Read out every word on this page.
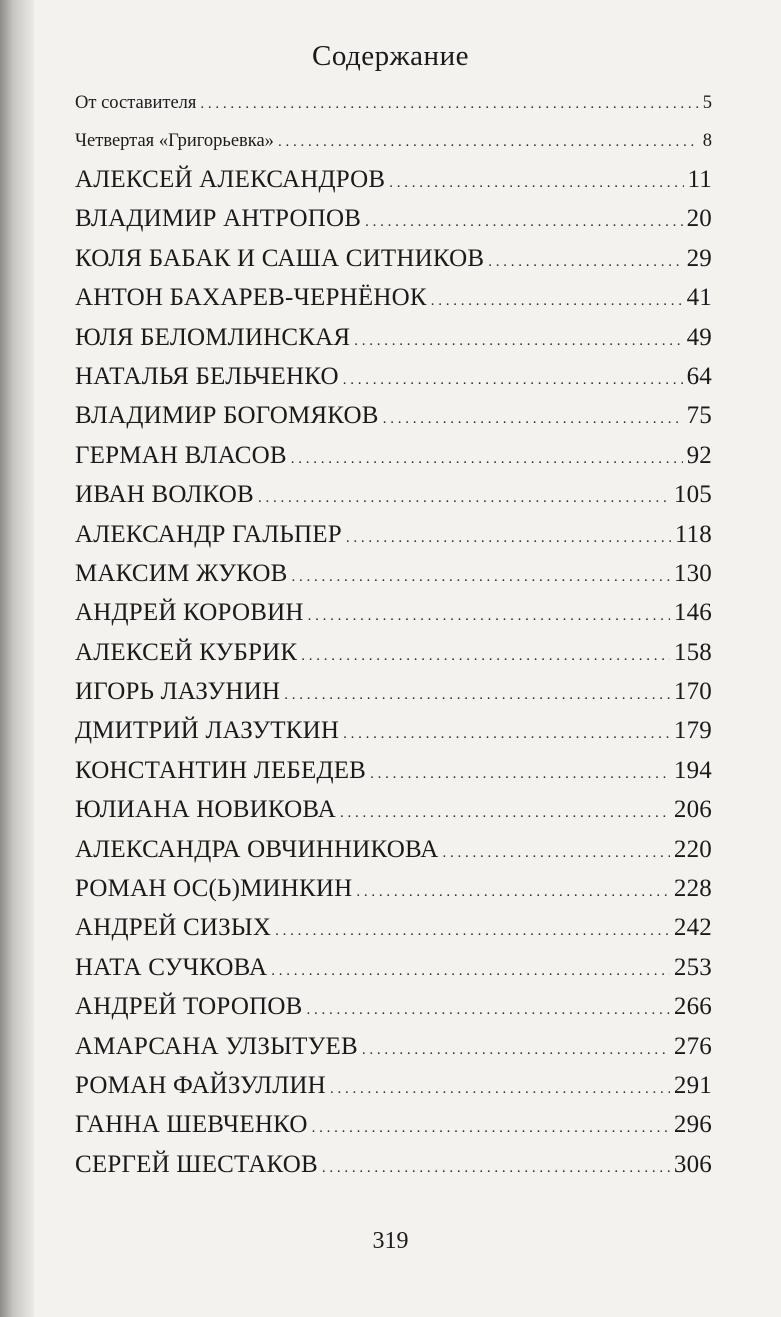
Содержание
От составителя . . .	5
Четвертая «Григорьевка» . . .	8
АЛЕКСЕЙ АЛЕКСАНДРОВ . . .	11
ВЛАДИМИР АНТРОПОВ . . .	20
КОЛЯ БАБАК И САША СИТНИКОВ . . .	29
АНТОН БАХАРЕВ-ЧЕРНЁНОК . . .	41
ЮЛЯ БЕЛОМЛИНСКАЯ . . .	49
НАТАЛЬЯ БЕЛЬЧЕНКО . . .	64
ВЛАДИМИР БОГОМЯКОВ . . .	75
ГЕРМАН ВЛАСОВ . . .	92
ИВАН ВОЛКОВ . . .	105
АЛЕКСАНДР ГАЛЬПЕР . . .	118
МАКСИМ ЖУКОВ . . .	130
АНДРЕЙ КОРОВИН . . .	146
АЛЕКСЕЙ КУБРИК . . .	158
ИГОРЬ ЛАЗУНИН . . .	170
ДМИТРИЙ ЛАЗУТКИН . . .	179
КОНСТАНТИН ЛЕБЕДЕВ . . .	194
ЮЛИАНА НОВИКОВА . . .	206
АЛЕКСАНДРА ОВЧИННИКОВА . . .	220
РОМАН ОС(Ь)МИНКИН . . .	228
АНДРЕЙ СИЗЫХ . . .	242
НАТА СУЧКОВА . . .	253
АНДРЕЙ ТОРОПОВ . . .	266
АМАРСАНА УЛЗЫТУЕВ . . .	276
РОМАН ФАЙЗУЛЛИН . . .	291
ГАННА ШЕВЧЕНКО . . .	296
СЕРГЕЙ ШЕСТАКОВ . . .	306
319
